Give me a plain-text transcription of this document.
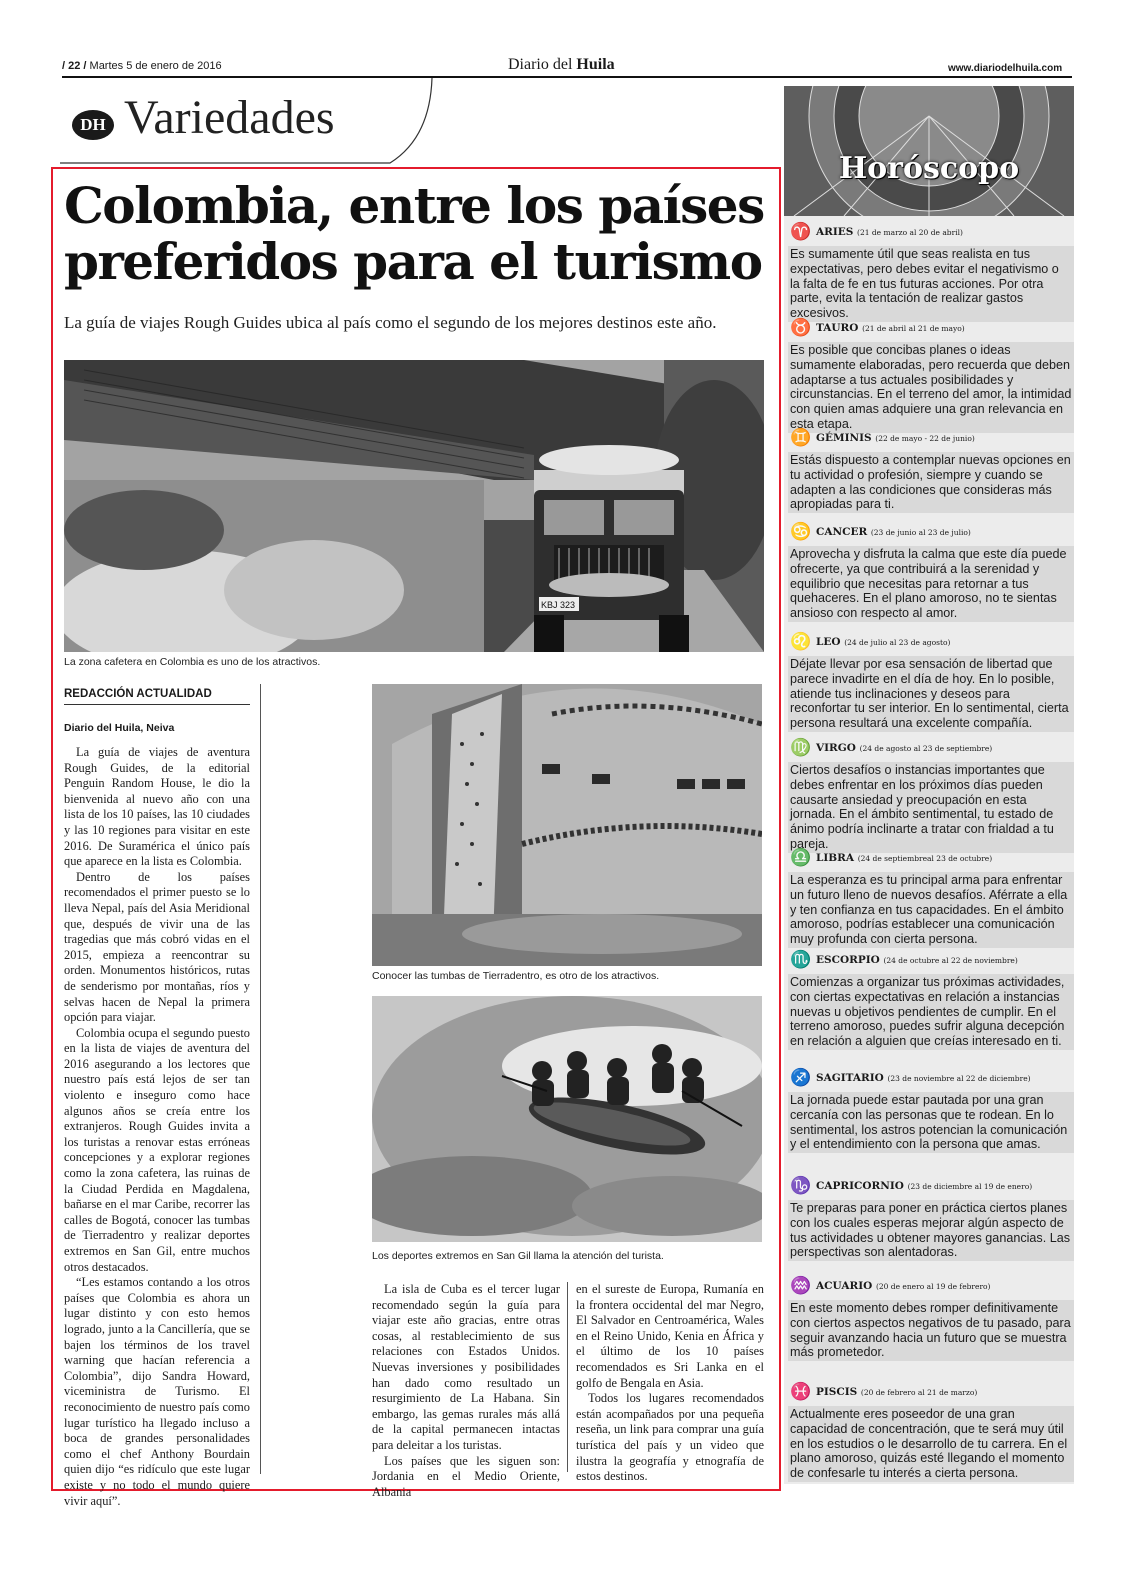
/ 22 / Martes 5 de enero de 2016	Diario del Huila	www.diariodelhuila.com
DH Variedades
Colombia, entre los países preferidos para el turismo
La guía de viajes Rough Guides ubica al país como el segundo de los mejores destinos este año.
KBJ 323
La zona cafetera en Colombia es uno de los atractivos.
Conocer las tumbas de Tierradentro, es otro de los atractivos.
Los deportes extremos en San Gil llama la atención del turista.
REDACCIÓN ACTUALIDAD
Diario del Huila, Neiva

La guía de viajes de aventura Rough Guides, de la editorial Penguin Random House, le dio la bienvenida al nuevo año con una lista de los 10 países, las 10 ciudades y las 10 regiones para visitar en este 2016. De Suramérica el único país que aparece en la lista es Colombia.

Dentro de los países recomendados el primer puesto se lo lleva Nepal, país del Asia Meridional que, después de vivir una de las tragedias que más cobró vidas en el 2015, empieza a reencontrar su orden. Monumentos históricos, rutas de senderismo por montañas, ríos y selvas hacen de Nepal la primera opción para viajar.

Colombia ocupa el segundo puesto en la lista de viajes de aventura del 2016 asegurando a los lectores que nuestro país está lejos de ser tan violento e inseguro como hace algunos años se creía entre los extranjeros. Rough Guides invita a los turistas a renovar estas erróneas concepciones y a explorar regiones como la zona cafetera, las ruinas de la Ciudad Perdida en Magdalena, bañarse en el mar Caribe, recorrer las calles de Bogotá, conocer las tumbas de Tierradentro y realizar deportes extremos en San Gil, entre muchos otros destacados.

“Les estamos contando a los otros países que Colombia es ahora un lugar distinto y con esto hemos logrado, junto a la Cancillería, que se bajen los términos de los travel warning que hacían referencia a Colombia”, dijo Sandra Howard, viceministra de Turismo. El reconocimiento de nuestro país como lugar turístico ha llegado incluso a boca de grandes personalidades como el chef Anthony Bourdain quien dijo “es ridículo que este lugar existe y no todo el mundo quiere vivir aquí”.

La isla de Cuba es el tercer lugar recomendado según la guía para viajar este año gracias, entre otras cosas, al restablecimiento de sus relaciones con Estados Unidos. Nuevas inversiones y posibilidades han dado como resultado un resurgimiento de La Habana. Sin embargo, las gemas rurales más allá de la capital permanecen intactas para deleitar a los turistas.

Los países que les siguen son: Jordania en el Medio Oriente, Albania

en el sureste de Europa, Rumanía en la frontera occidental del mar Negro, El Salvador en Centroamérica, Wales en el Reino Unido, Kenia en África y el último de los 10 países recomendados es Sri Lanka en el golfo de Bengala en Asia.

Todos los lugares recomendados están acompañados por una pequeña reseña, un link para comprar una guía turística del país y un video que ilustra la geografía y etnografía de estos destinos.

Horóscopo
♈ ARIES (21 de marzo al 20 de abril)
Es sumamente útil que seas realista en tus expectativas, pero debes evitar el negativismo o la falta de fe en tus futuras acciones. Por otra parte, evita la tentación de realizar gastos excesivos.
♉ TAURO (21 de abril al 21 de mayo)
Es posible que concibas planes o ideas sumamente elaboradas, pero recuerda que deben adaptarse a tus actuales posibilidades y circunstancias. En el terreno del amor, la intimidad con quien amas adquiere una gran relevancia en esta etapa.
♊ GÉMINIS (22 de mayo - 22 de junio)
Estás dispuesto a contemplar nuevas opciones en tu actividad o profesión, siempre y cuando se adapten a las condiciones que consideras más apropiadas para ti.
♋ CANCER (23 de junio al 23 de julio)
Aprovecha y disfruta la calma que este día puede ofrecerte, ya que contribuirá a la serenidad y equilibrio que necesitas para retornar a tus quehaceres. En el plano amoroso, no te sientas ansioso con respecto al amor.
♌ LEO (24 de julio al 23 de agosto)
Déjate llevar por esa sensación de libertad que parece invadirte en el día de hoy. En lo posible, atiende tus inclinaciones y deseos para reconfortar tu ser interior. En lo sentimental, cierta persona resultará una excelente compañía.
♍ VIRGO (24 de agosto al 23 de septiembre)
Ciertos desafíos o instancias importantes que debes enfrentar en los próximos días pueden causarte ansiedad y preocupación en esta jornada. En el ámbito sentimental, tu estado de ánimo podría inclinarte a tratar con frialdad a tu pareja.
♎ LIBRA (24 de septiembreal 23 de octubre)
La esperanza es tu principal arma para enfrentar un futuro lleno de nuevos desafíos. Aférrate a ella y ten confianza en tus capacidades. En el ámbito amoroso, podrías establecer una comunicación muy profunda con cierta persona.
♏ ESCORPIO (24 de octubre al 22 de noviembre)
Comienzas a organizar tus próximas actividades, con ciertas expectativas en relación a instancias nuevas u objetivos pendientes de cumplir. En el terreno amoroso, puedes sufrir alguna decepción en relación a alguien que creías interesado en ti.
♐ SAGITARIO (23 de noviembre al 22 de diciembre)
La jornada puede estar pautada por una gran cercanía con las personas que te rodean. En lo sentimental, los astros potencian la comunicación y el entendimiento con la persona que amas.
♑ CAPRICORNIO (23 de diciembre al 19 de enero)
Te preparas para poner en práctica ciertos planes con los cuales esperas mejorar algún aspecto de tus actividades u obtener mayores ganancias. Las perspectivas son alentadoras.
♒ ACUARIO (20 de enero al 19 de febrero)
En este momento debes romper definitivamente con ciertos aspectos negativos de tu pasado, para seguir avanzando hacia un futuro que se muestra más prometedor.
♓ PISCIS (20 de febrero al 21 de marzo)
Actualmente eres poseedor de una gran capacidad de concentración, que te será muy útil en los estudios o le desarrollo de tu carrera. En el plano amoroso, quizás esté llegando el momento de confesarle tu interés a cierta persona.
